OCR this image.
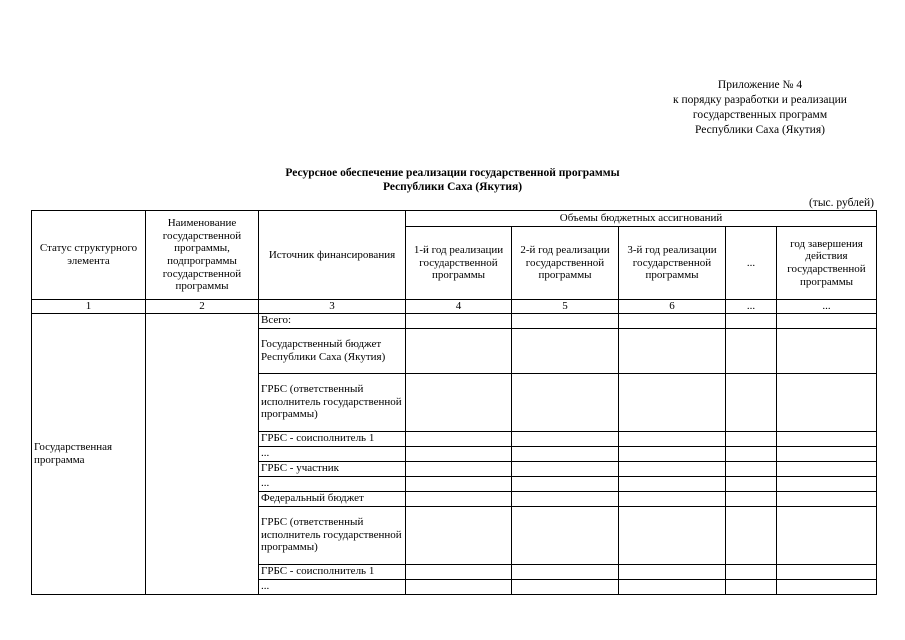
Приложение № 4
к порядку разработки и реализации
государственных программ
Республики Саха (Якутия)
Ресурсное обеспечение реализации государственной программы
Республики Саха (Якутия)
(тыс. рублей)
Статус структурного элемента	Наименование государственной программы, подпрограммы государственной программы	Источник финансирования	Объемы бюджетных ассигнований				
			1-й год реализации государственной программы	2-й год реализации государственной программы	3-й год реализации государственной программы	...	год завершения действия государственной программы
1	2	3	4	5	6	...	...
Государственная программа		Всего:					
		Государственный бюджет Республики Саха (Якутия)					
		ГРБС (ответственный исполнитель государственной программы)					
		ГРБС - соисполнитель 1					
		...					
		ГРБС - участник					
		...					
		Федеральный бюджет					
		ГРБС (ответственный исполнитель государственной программы)					
		ГРБС - соисполнитель 1					
		...					
